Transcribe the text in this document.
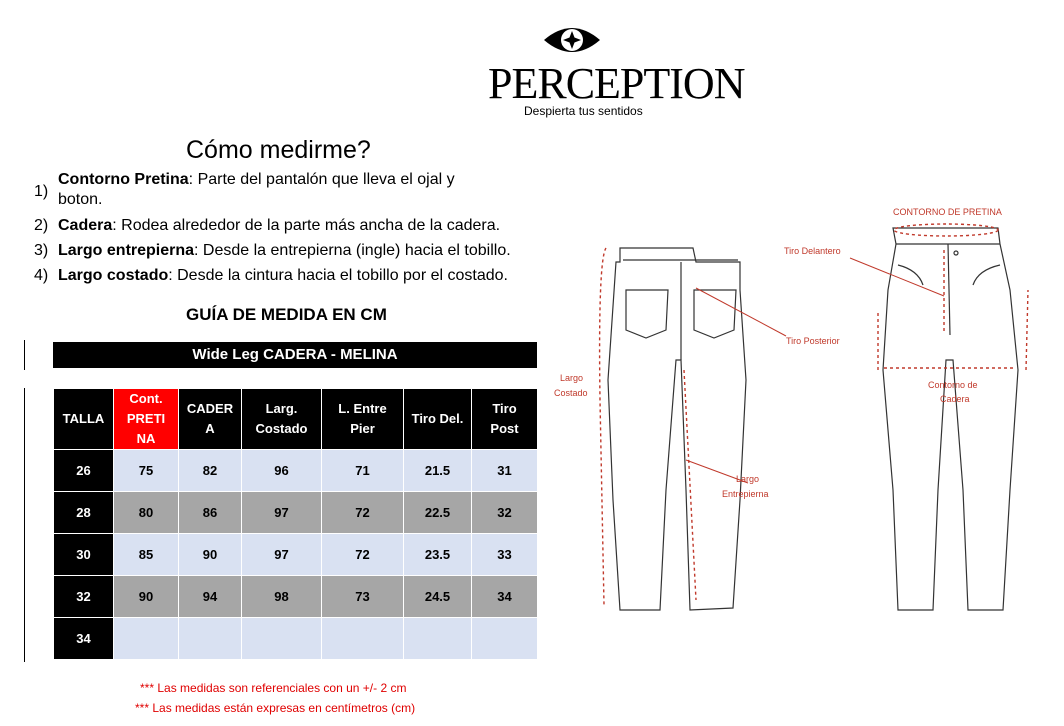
PERCEPTION
Despierta tus sentidos
Cómo medirme?
1)
Contorno Pretina: Parte del pantalón que lleva el ojal y boton.
2) Cadera: Rodea alrededor de la parte más ancha de la cadera.
3) Largo entrepierna: Desde la entrepierna (ingle) hacia el tobillo.
4) Largo costado: Desde la cintura hacia el tobillo por el costado.
GUÍA DE MEDIDA EN CM
Wide Leg CADERA - MELINA
TALLA	Cont. PRETINA	CADERA	Larg. Costado	L. Entre Pier	Tiro Del.	Tiro Post

26	75	82	96	71	21.5	31
28	80	86	97	72	22.5	32
30	85	90	97	72	23.5	33
32	90	94	98	73	24.5	34
34						
*** Las medidas son referenciales con un +/- 2 cm
*** Las medidas están expresas en centímetros (cm)
CONTORNO DE PRETINA
Tiro Delantero
Tiro Posterior
Largo
Costado
Contorno de
Cadera
Largo
Entrepierna
